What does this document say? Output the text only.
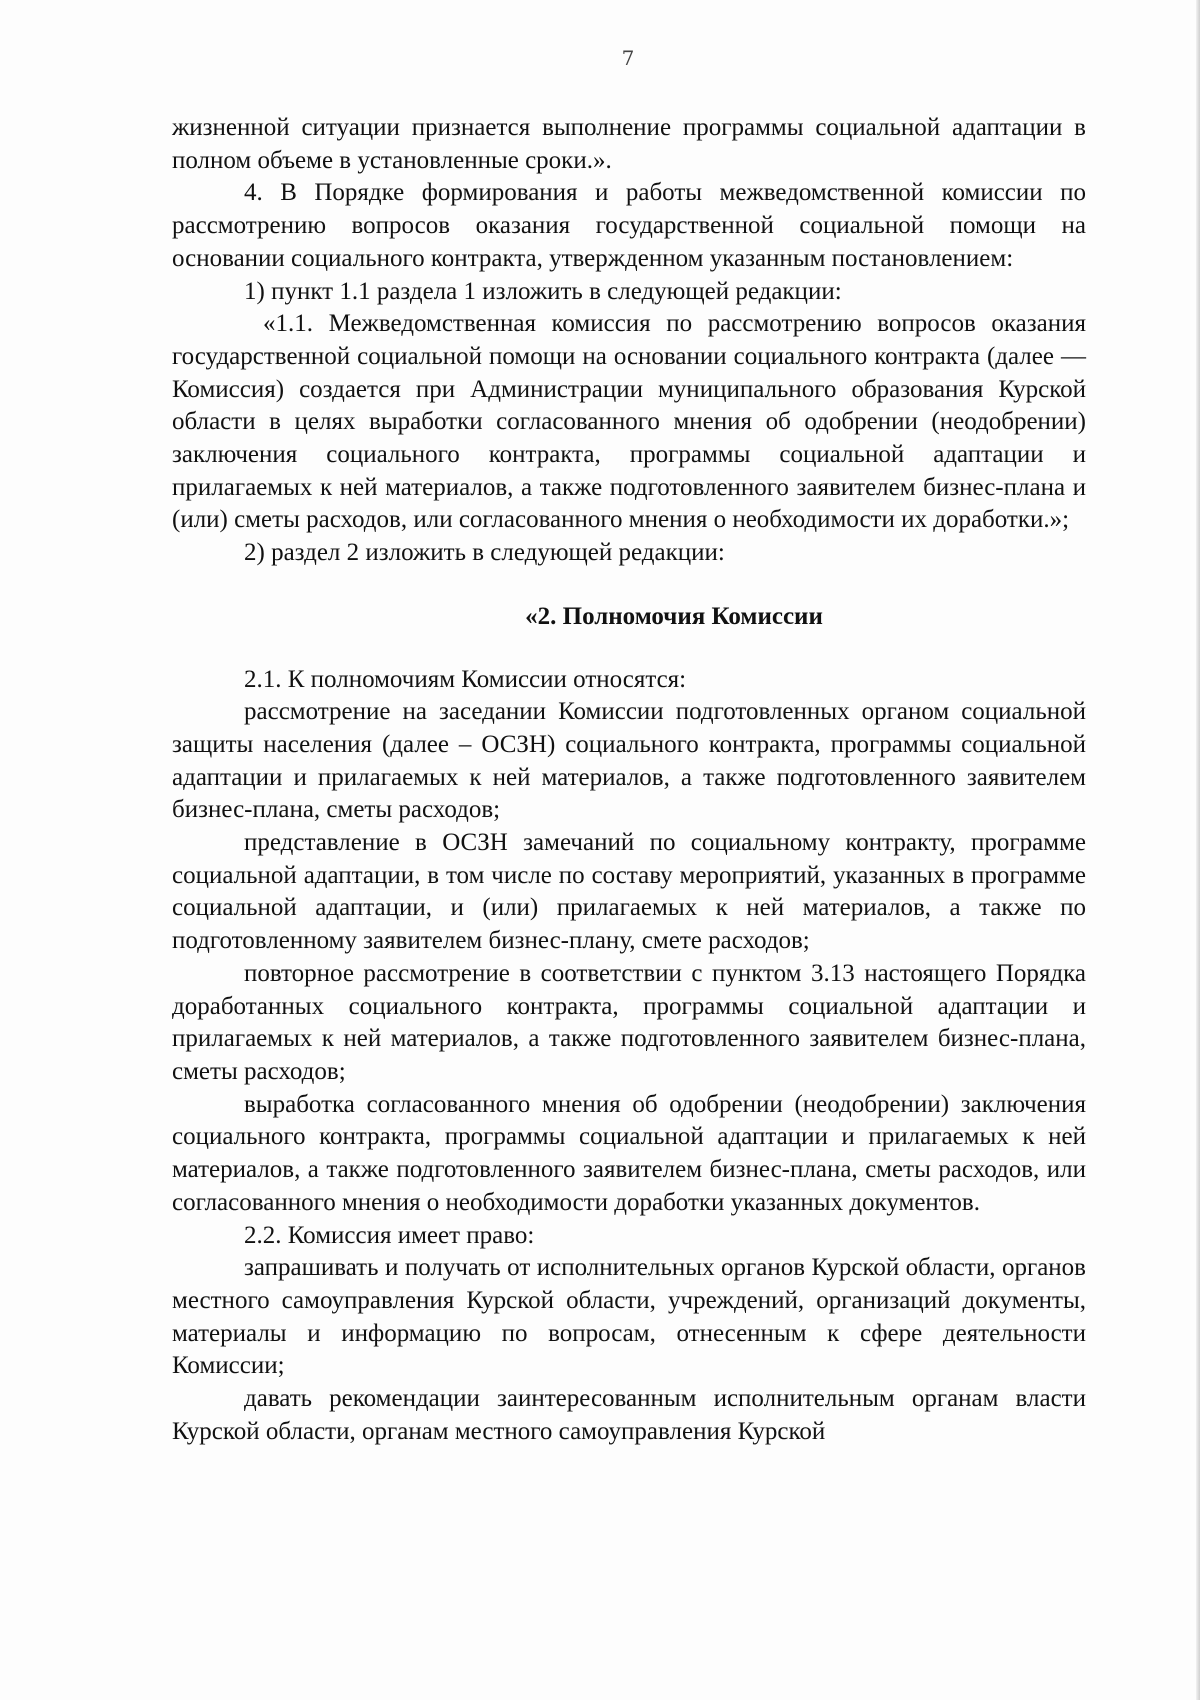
7

жизненной ситуации признается выполнение программы социальной адаптации в полном объеме в установленные сроки.».

4. В Порядке формирования и работы межведомственной комиссии по рассмотрению вопросов оказания государственной социальной помощи на основании социального контракта, утвержденном указанным постановлением:

1) пункт 1.1 раздела 1 изложить в следующей редакции:

«1.1. Межведомственная комиссия по рассмотрению вопросов оказания государственной социальной помощи на основании социального контракта (далее — Комиссия) создается при Администрации муниципального образования Курской области в целях выработки согласованного мнения об одобрении (неодобрении) заключения социального контракта, программы социальной адаптации и прилагаемых к ней материалов, а также подготовленного заявителем бизнес-плана и (или) сметы расходов, или согласованного мнения о необходимости их доработки.»;

2) раздел 2 изложить в следующей редакции:

«2. Полномочия Комиссии

2.1. К полномочиям Комиссии относятся:

рассмотрение на заседании Комиссии подготовленных органом социальной защиты населения (далее – ОСЗН) социального контракта, программы социальной адаптации и прилагаемых к ней материалов, а также подготовленного заявителем бизнес-плана, сметы расходов;

представление в ОСЗН замечаний по социальному контракту, программе социальной адаптации, в том числе по составу мероприятий, указанных в программе социальной адаптации, и (или) прилагаемых к ней материалов, а также по подготовленному заявителем бизнес-плану, смете расходов;

повторное рассмотрение в соответствии с пунктом 3.13 настоящего Порядка доработанных социального контракта, программы социальной адаптации и прилагаемых к ней материалов, а также подготовленного заявителем бизнес-плана, сметы расходов;

выработка согласованного мнения об одобрении (неодобрении) заключения социального контракта, программы социальной адаптации и прилагаемых к ней материалов, а также подготовленного заявителем бизнес-плана, сметы расходов, или согласованного мнения о необходимости доработки указанных документов.

2.2. Комиссия имеет право:

запрашивать и получать от исполнительных органов Курской области, органов местного самоуправления Курской области, учреждений, организаций документы, материалы и информацию по вопросам, отнесенным к сфере деятельности Комиссии;

давать рекомендации заинтересованным исполнительным органам власти Курской области, органам местного самоуправления Курской
